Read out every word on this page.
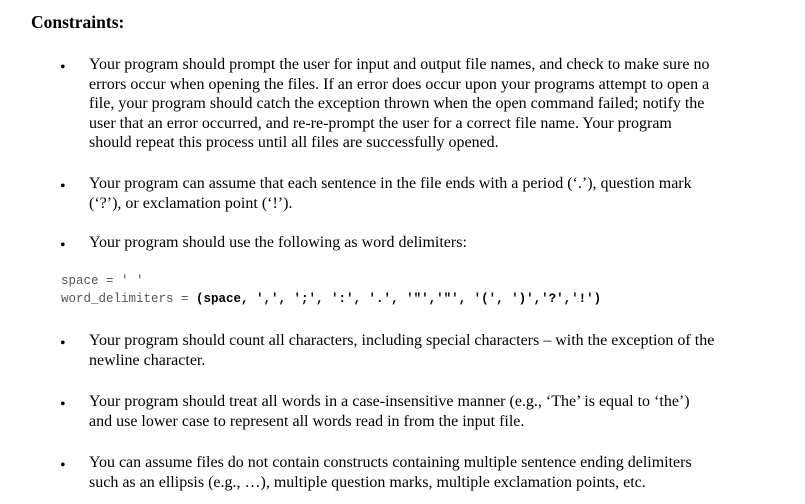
Constraints:
• Your program should prompt the user for input and output file names, and check to make sure no
errors occur when opening the files. If an error does occur upon your programs attempt to open a
file, your program should catch the exception thrown when the open command failed; notify the
user that an error occurred, and re-re-prompt the user for a correct file name. Your program
should repeat this process until all files are successfully opened.
• Your program can assume that each sentence in the file ends with a period (‘.’), question mark
(‘?’), or exclamation point (‘!’).
• Your program should use the following as word delimiters:
space = ' '
word_delimiters = (space, ',', ';', ':', '.', '"','"', '(', ')','?','!')
• Your program should count all characters, including special characters – with the exception of the
newline character.
• Your program should treat all words in a case-insensitive manner (e.g., ‘The’ is equal to ‘the’)
and use lower case to represent all words read in from the input file.
• You can assume files do not contain constructs containing multiple sentence ending delimiters
such as an ellipsis (e.g., …), multiple question marks, multiple exclamation points, etc.
